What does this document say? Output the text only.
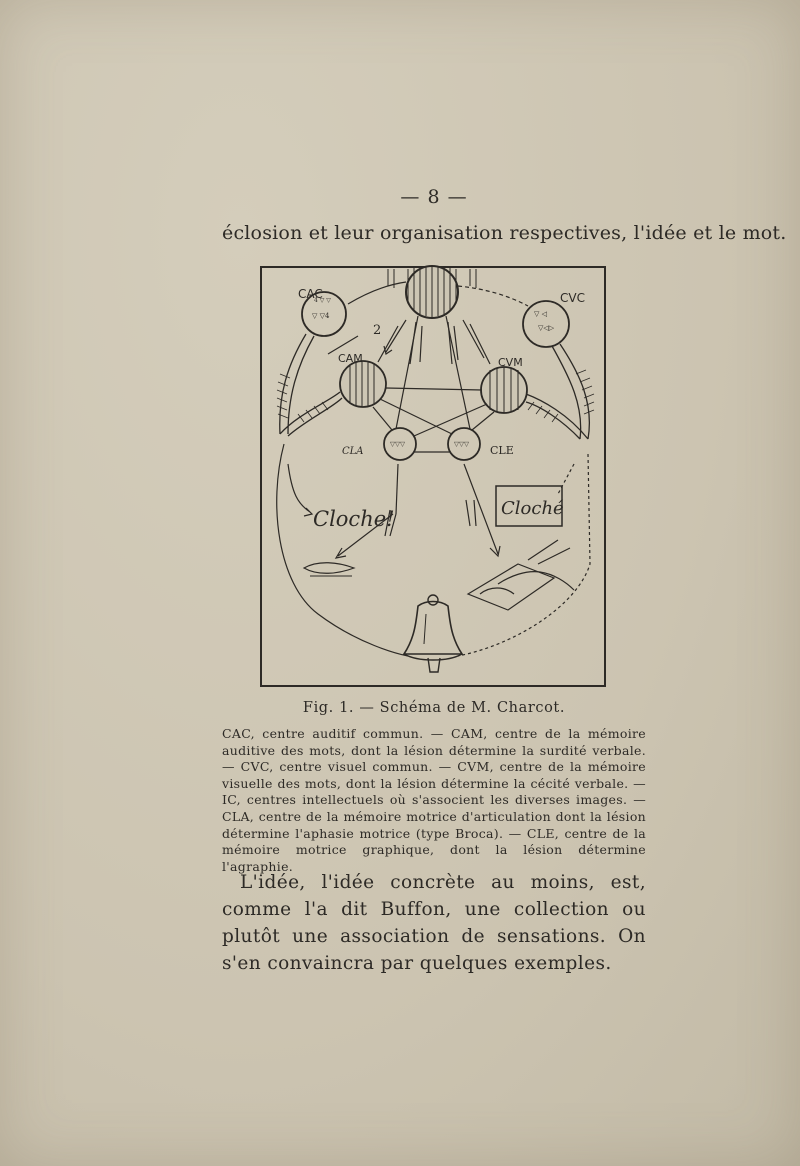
— 8 —
éclosion et leur organisation respectives, l'idée et le mot.
4 ▽ ▽
▽ ▽4
CAC
▽ ◁
▽◁▷
CVC
CAM	CVM
▽▽▽
CLA
▽▽▽ CLE
2
Cloche!	Cloché
Fig. 1. — Schéma de M. Charcot.

CAC, centre auditif commun. — CAM, centre de la mémoire auditive des mots, dont la lésion détermine la surdité verbale. — CVC, centre visuel commun. — CVM, centre de la mémoire visuelle des mots, dont la lésion détermine la cécité verbale. — IC, centres intellectuels où s'associent les diverses images. — CLA, centre de la mémoire motrice d'articulation dont la lésion détermine l'aphasie motrice (type Broca). — CLE, centre de la mémoire motrice graphique, dont la lésion détermine l'agraphie.

L'idée, l'idée concrète au moins, est, comme l'a dit Buffon, une collection ou plutôt une association de sensations. On s'en convaincra par quelques exemples.
